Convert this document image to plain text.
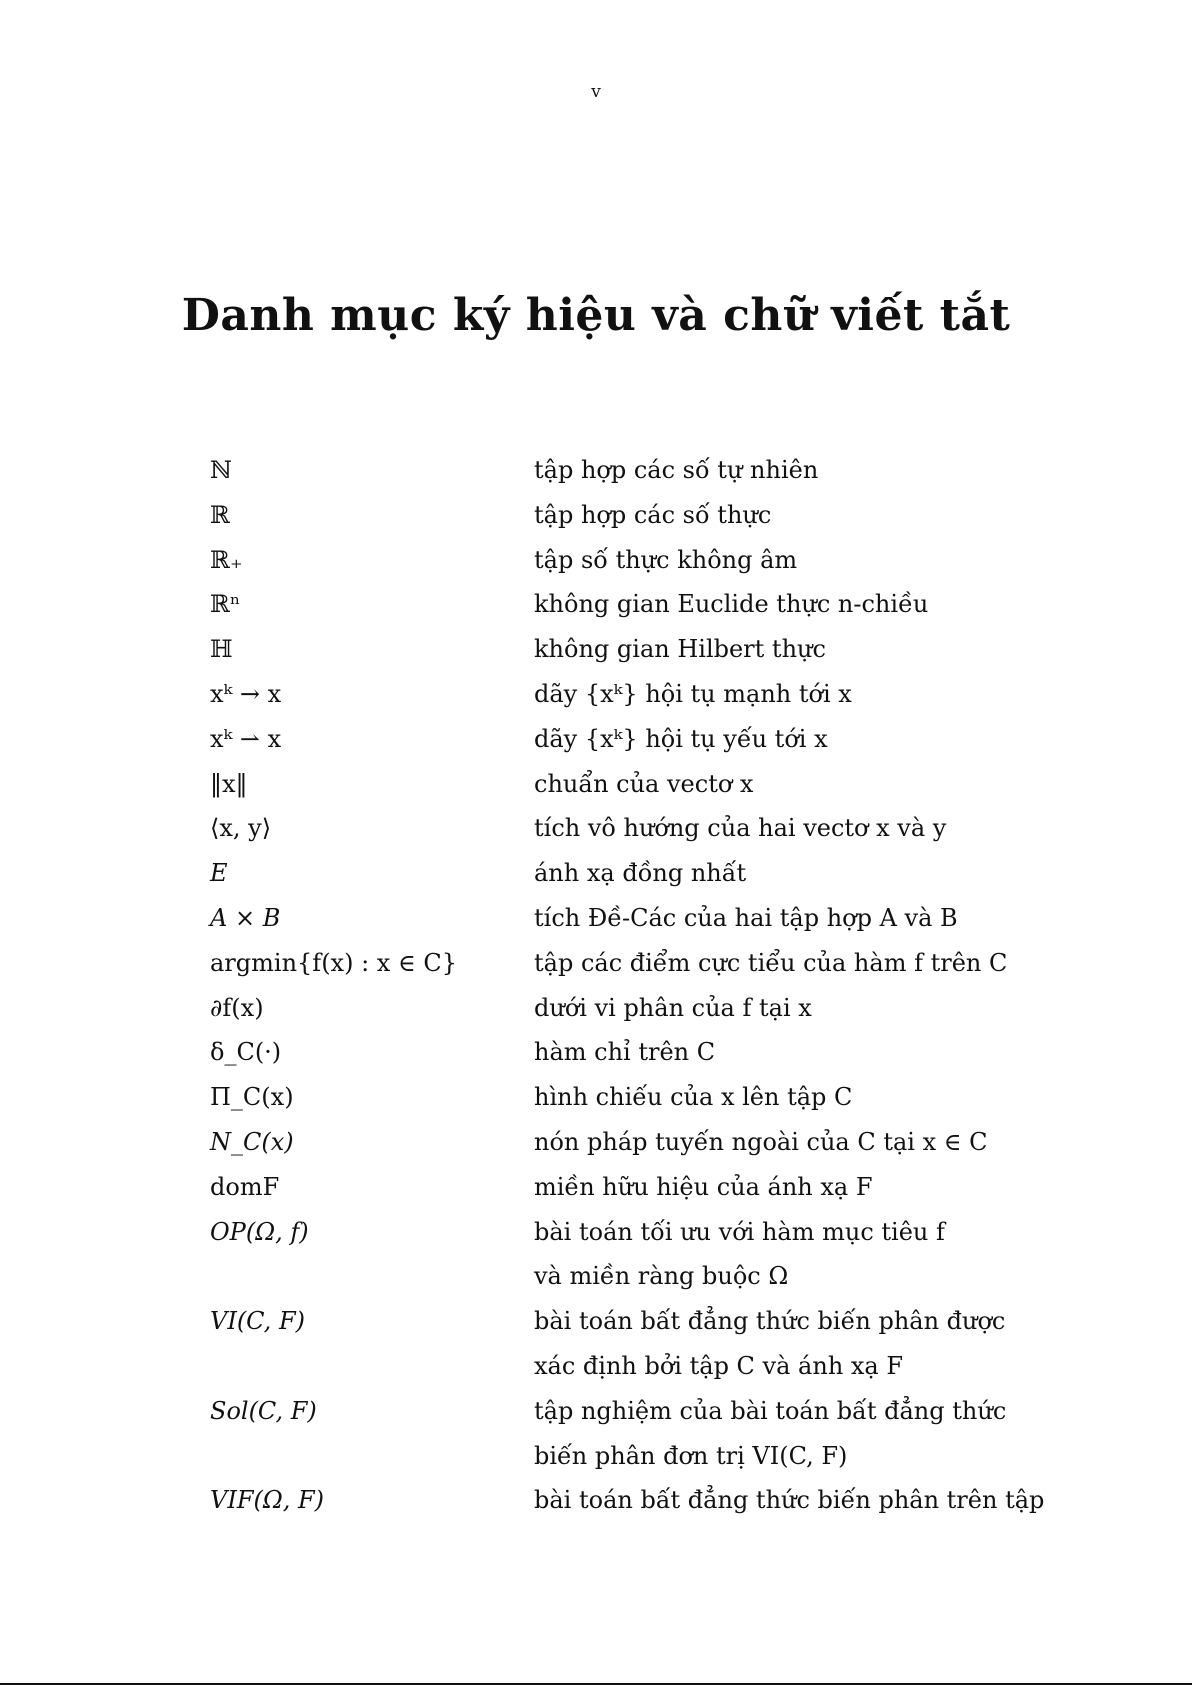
v
Danh mục ký hiệu và chữ viết tắt
ℕ	tập hợp các số tự nhiên
ℝ	tập hợp các số thực
ℝ₊	tập số thực không âm
ℝⁿ	không gian Euclide thực n-chiều
ℍ	không gian Hilbert thực
xᵏ → x	dãy {xᵏ} hội tụ mạnh tới x
xᵏ ⇀ x	dãy {xᵏ} hội tụ yếu tới x
‖x‖	chuẩn của vectơ x
⟨x, y⟩	tích vô hướng của hai vectơ x và y
E	ánh xạ đồng nhất
A × B	tích Đề-Các của hai tập hợp A và B
argmin{f(x) : x ∈ C}	tập các điểm cực tiểu của hàm f trên C
∂f(x)	dưới vi phân của f tại x
δ_C(·)	hàm chỉ trên C
Π_C(x)	hình chiếu của x lên tập C
N_C(x)	nón pháp tuyến ngoài của C tại x ∈ C
domF	miền hữu hiệu của ánh xạ F
OP(Ω, f)	bài toán tối ưu với hàm mục tiêu f
và miền ràng buộc Ω
VI(C, F)	bài toán bất đẳng thức biến phân được
xác định bởi tập C và ánh xạ F
Sol(C, F)	tập nghiệm của bài toán bất đẳng thức
biến phân đơn trị VI(C, F)
VIF(Ω, F)	bài toán bất đẳng thức biến phân trên tập
